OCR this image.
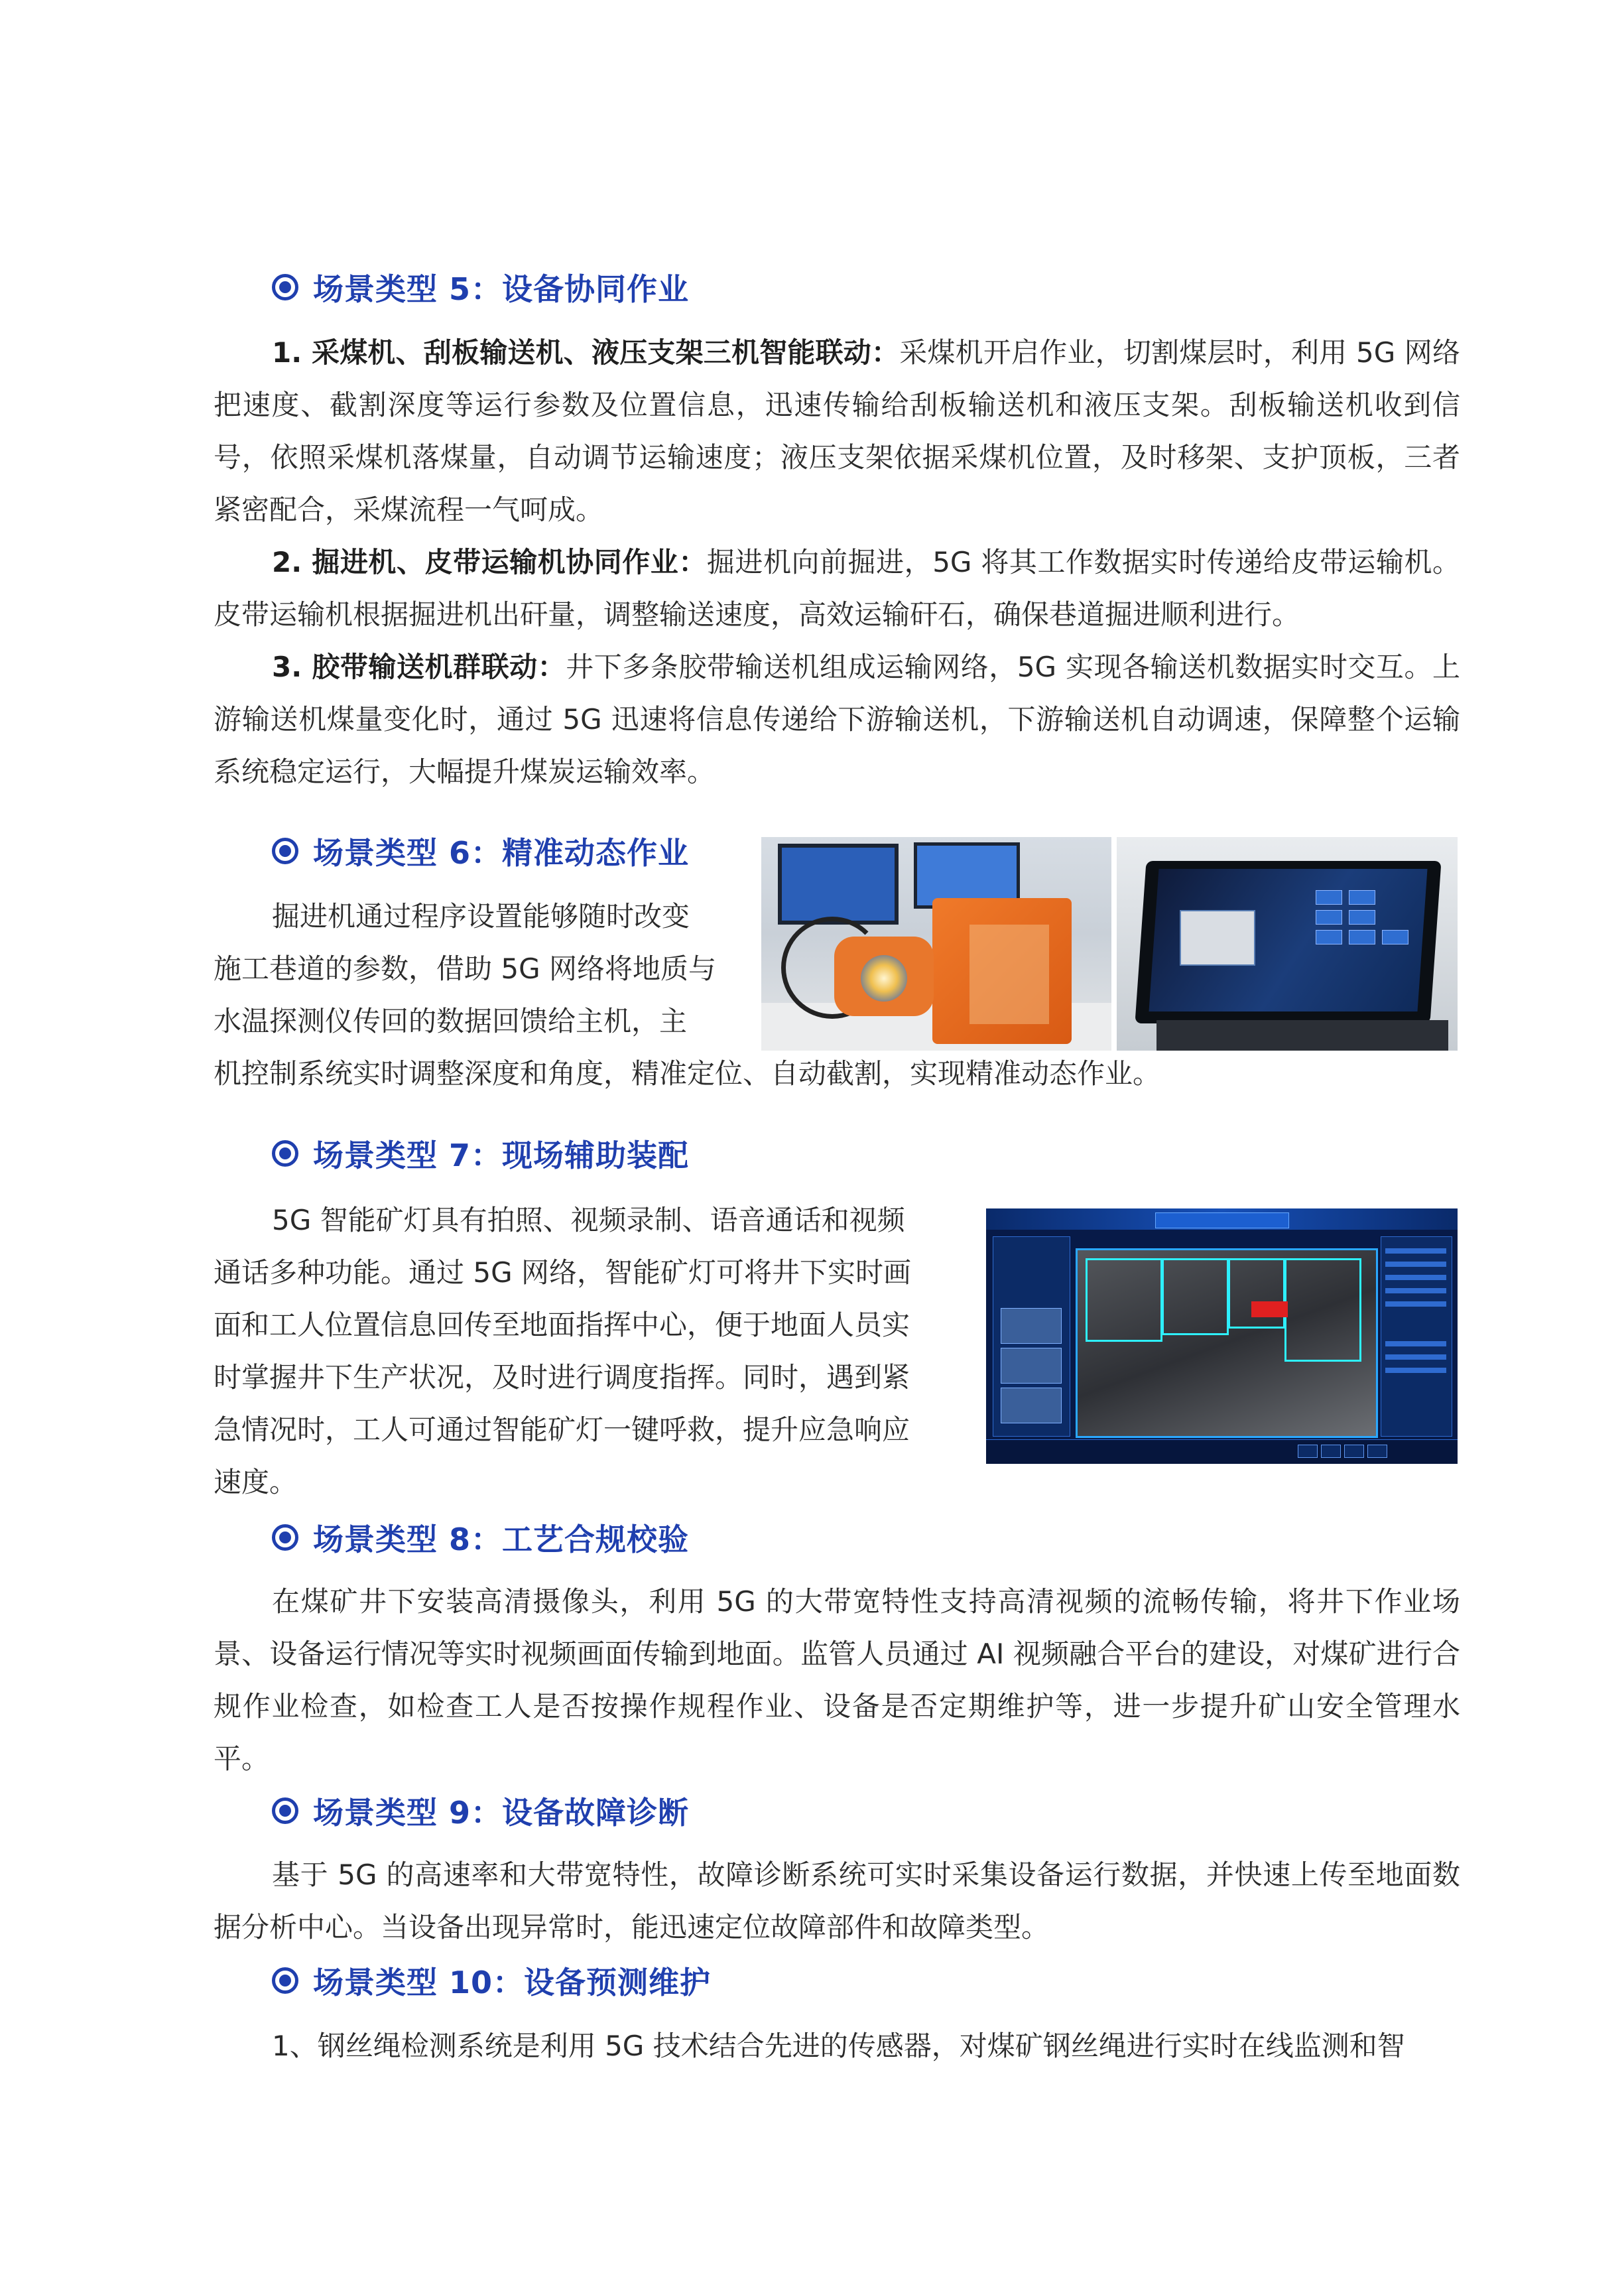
场景类型 5：设备协同作业
1. 采煤机、刮板输送机、液压支架三机智能联动：采煤机开启作业，切割煤层时，利用 5G 网络把速度、截割深度等运行参数及位置信息，迅速传输给刮板输送机和液压支架。刮板输送机收到信号，依照采煤机落煤量，自动调节运输速度；液压支架依据采煤机位置，及时移架、支护顶板，三者紧密配合，采煤流程一气呵成。
2. 掘进机、皮带运输机协同作业：掘进机向前掘进，5G 将其工作数据实时传递给皮带运输机。皮带运输机根据掘进机出矸量，调整输送速度，高效运输矸石，确保巷道掘进顺利进行。
3. 胶带输送机群联动：井下多条胶带输送机组成运输网络，5G 实现各输送机数据实时交互。上游输送机煤量变化时，通过 5G 迅速将信息传递给下游输送机，下游输送机自动调速，保障整个运输系统稳定运行，大幅提升煤炭运输效率。
场景类型 6：精准动态作业
掘进机通过程序设置能够随时改变
施工巷道的参数，借助 5G 网络将地质与
水温探测仪传回的数据回馈给主机，主
机控制系统实时调整深度和角度，精准定位、自动截割，实现精准动态作业。
场景类型 7：现场辅助装配
5G 智能矿灯具有拍照、视频录制、语音通话和视频
通话多种功能。通过 5G 网络，智能矿灯可将井下实时画
面和工人位置信息回传至地面指挥中心，便于地面人员实
时掌握井下生产状况，及时进行调度指挥。同时，遇到紧
急情况时，工人可通过智能矿灯一键呼救，提升应急响应
速度。
场景类型 8：工艺合规校验
在煤矿井下安装高清摄像头，利用 5G 的大带宽特性支持高清视频的流畅传输，将井下作业场景、设备运行情况等实时视频画面传输到地面。监管人员通过 AI 视频融合平台的建设，对煤矿进行合规作业检查，如检查工人是否按操作规程作业、设备是否定期维护等，进一步提升矿山安全管理水平。
场景类型 9：设备故障诊断
基于 5G 的高速率和大带宽特性，故障诊断系统可实时采集设备运行数据，并快速上传至地面数据分析中心。当设备出现异常时，能迅速定位故障部件和故障类型。
场景类型 10：设备预测维护
1、钢丝绳检测系统是利用 5G 技术结合先进的传感器，对煤矿钢丝绳进行实时在线监测和智
